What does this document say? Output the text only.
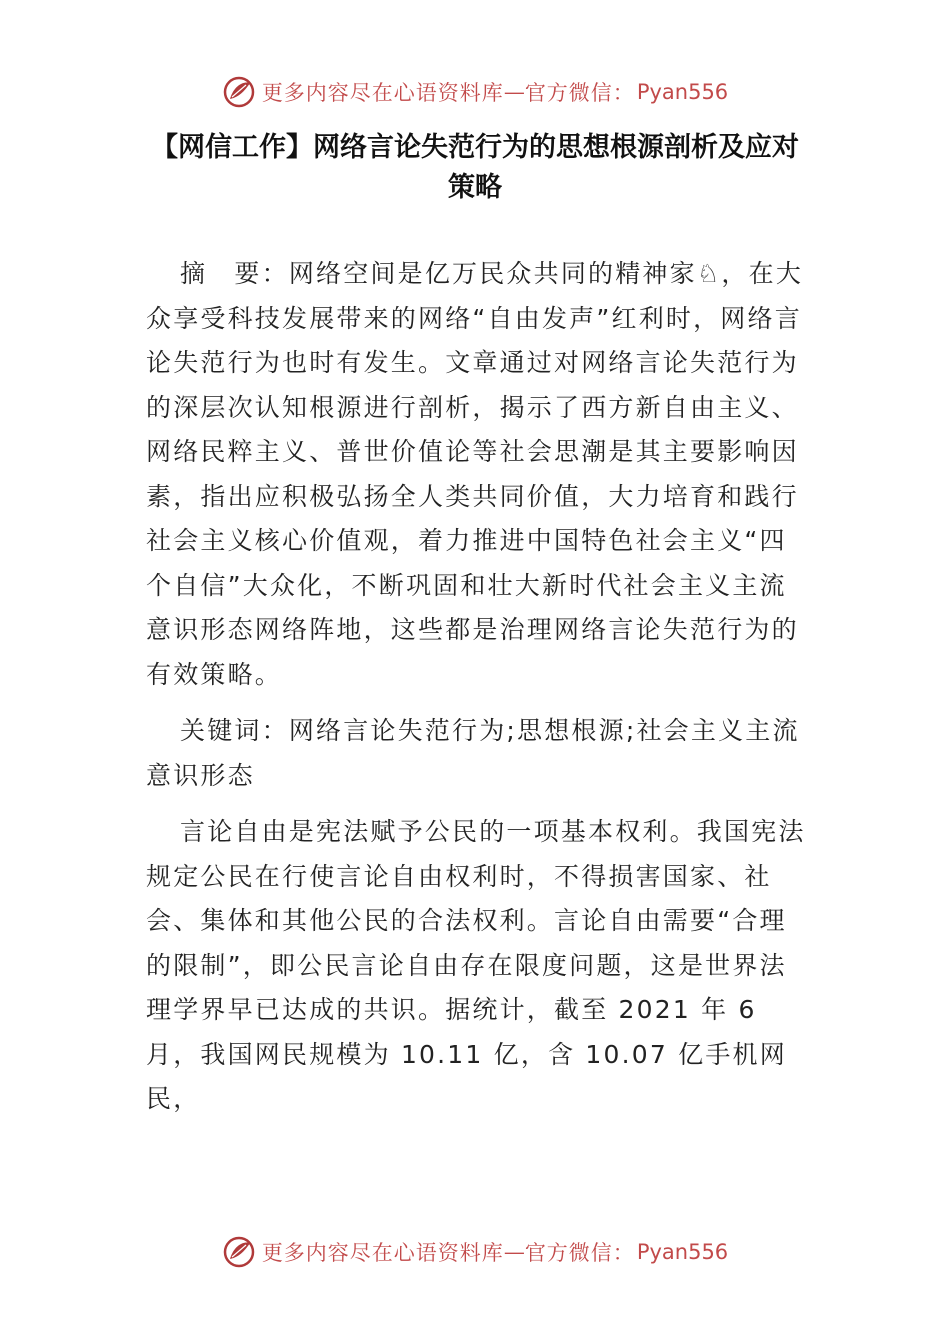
更多内容尽在心语资料库 — 官方微信： Pyan556
【网信工作】网络言论失范行为的思想根源剖析及应对
策略

摘　要：网络空间是亿万民众共同的精神家♘，在大众享受科技发展带来的网络“自由发声”红利时，网络言论失范行为也时有发生。文章通过对网络言论失范行为的深层次认知根源进行剖析，揭示了西方新自由主义、网络民粹主义、普世价值论等社会思潮是其主要影响因素，指出应积极弘扬全人类共同价值，大力培育和践行社会主义核心价值观，着力推进中国特色社会主义“四个自信”大众化，不断巩固和壮大新时代社会主义主流意识形态网络阵地，这些都是治理网络言论失范行为的有效策略。

关键词：网络言论失范行为;思想根源;社会主义主流意识形态

言论自由是宪法赋予公民的一项基本权利。我国宪法规定公民在行使言论自由权利时，不得损害国家、社会、集体和其他公民的合法权利。言论自由需要“合理的限制”，即公民言论自由存在限度问题，这是世界法理学界早已达成的共识。据统计，截至 2021 年 6 月，我国网民规模为 10.11 亿，含 10.07 亿手机网民，

更多内容尽在心语资料库 — 官方微信： Pyan556
